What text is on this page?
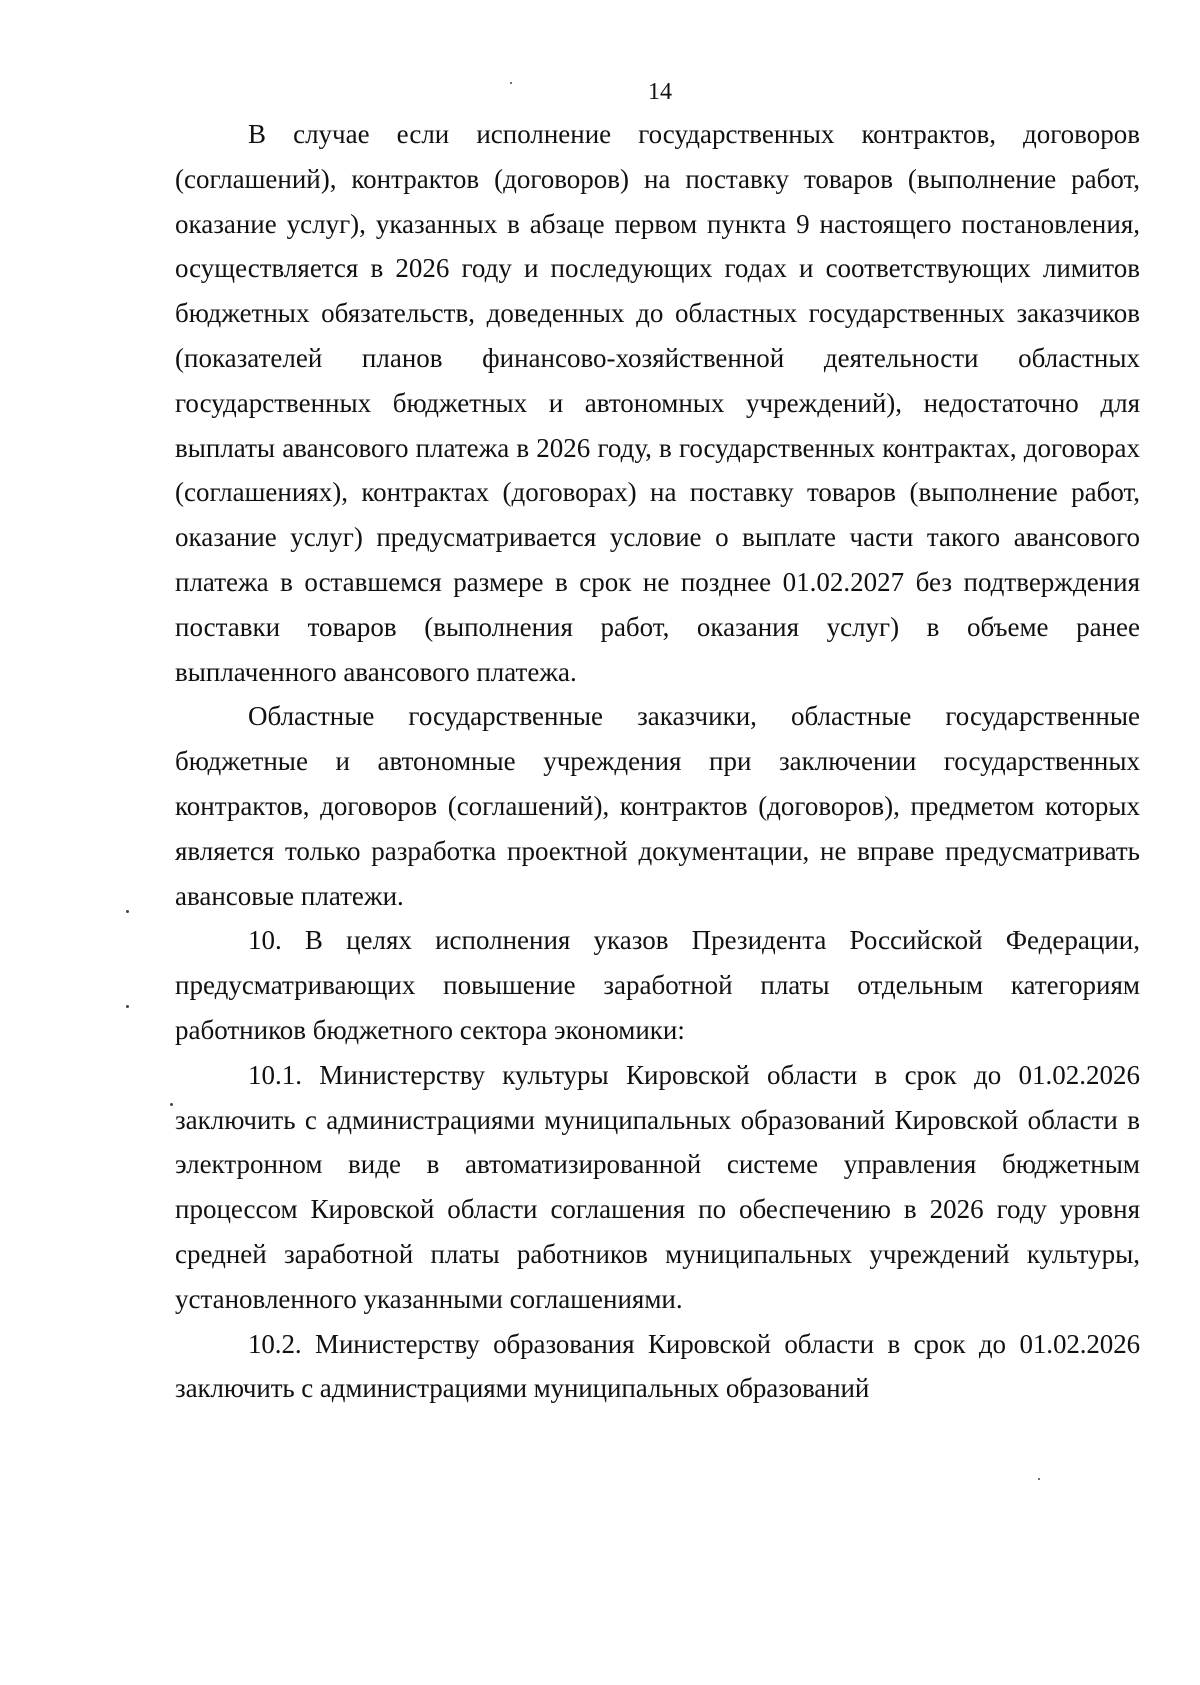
14

В случае если исполнение государственных контрактов, договоров (соглашений), контрактов (договоров) на поставку товаров (выполнение работ, оказание услуг), указанных в абзаце первом пункта 9 настоящего постановления, осуществляется в 2026 году и последующих годах и соответствующих лимитов бюджетных обязательств, доведенных до областных государственных заказчиков (показателей планов финансово-хозяйственной деятельности областных государственных бюджетных и автономных учреждений), недостаточно для выплаты авансового платежа в 2026 году, в государственных контрактах, договорах (соглашениях), контрактах (договорах) на поставку товаров (выполнение работ, оказание услуг) предусматривается условие о выплате части такого авансового платежа в оставшемся размере в срок не позднее 01.02.2027 без подтверждения поставки товаров (выполнения работ, оказания услуг) в объеме ранее выплаченного авансового платежа.

Областные государственные заказчики, областные государственные бюджетные и автономные учреждения при заключении государственных контрактов, договоров (соглашений), контрактов (договоров), предметом которых является только разработка проектной документации, не вправе предусматривать авансовые платежи.

10. В целях исполнения указов Президента Российской Федерации, предусматривающих повышение заработной платы отдельным категориям работников бюджетного сектора экономики:

10.1. Министерству культуры Кировской области в срок до 01.02.2026 заключить с администрациями муниципальных образований Кировской области в электронном виде в автоматизированной системе управления бюджетным процессом Кировской области соглашения по обеспечению в 2026 году уровня средней заработной платы работников муниципальных учреждений культуры, установленного указанными соглашениями.

10.2. Министерству образования Кировской области в срок до 01.02.2026 заключить с администрациями муниципальных образований
